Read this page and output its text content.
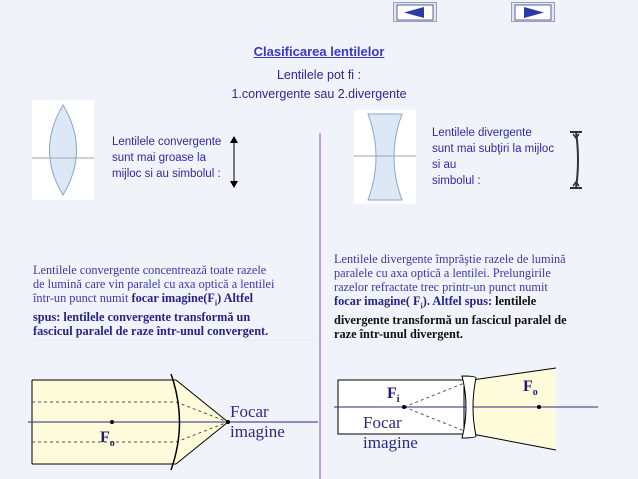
Clasificarea lentilelor
Lentilele pot fi :
1.convergente sau 2.divergente
Lentilele convergente
sunt mai groase la
mijloc si au simbolul :
Lentilele divergente
sunt mai subţiri la mijloc
si au
simbolul :
Lentilele convergente concentrează toate razele
de lumină care vin paralel cu axa optică a lentilei
într-un punct numit focar $imagine(F_i)$ Altfel
spus: lentilele convergente transformă un
fascicul paralel de raze într-unul convergent.
Lentilele divergente împrăştie razele de lumină
paralele cu axa optică a lentilei. Prelungirile
razelor refractate trec printr-un punct numit
focar imagine( $F_i$). Altfel spus: lentilele
divergente transformă un fascicul paralel de
raze într-unul divergent.
$F_o$
Focar
imagine
$F_i$
$F_o$
Focar
imagine
